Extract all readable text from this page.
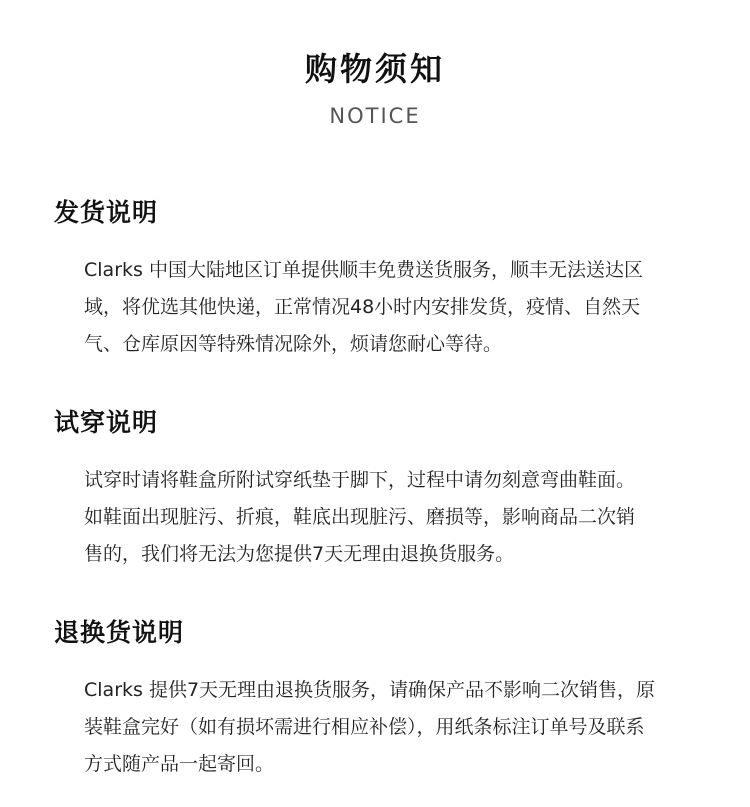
购物须知
NOTICE
发货说明
Clarks 中国大陆地区订单提供顺丰免费送货服务，顺丰无法送达区
域，将优选其他快递，正常情况48小时内安排发货，疫情、自然天
气、仓库原因等特殊情况除外，烦请您耐心等待。
试穿说明
试穿时请将鞋盒所附试穿纸垫于脚下，过程中请勿刻意弯曲鞋面。
如鞋面出现脏污、折痕，鞋底出现脏污、磨损等，影响商品二次销
售的，我们将无法为您提供7天无理由退换货服务。
退换货说明
Clarks 提供7天无理由退换货服务，请确保产品不影响二次销售，原
装鞋盒完好（如有损坏需进行相应补偿），用纸条标注订单号及联系
方式随产品一起寄回。
